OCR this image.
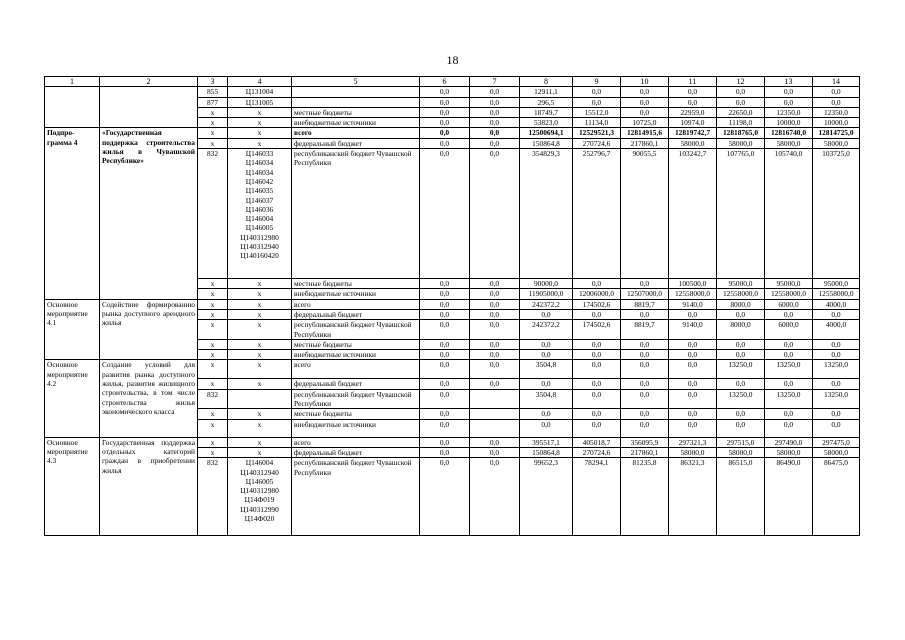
18
1	2	3	4	5	6	7	8	9	10	11	12	13	14
		855	Ц131004		0,0	0,0	12911,1	0,0	0,0	0,0	0,0	0,0	0,0
		877	Ц131005		0,0	0,0	296,5	0,0	0,0	0,0	0,0	0,0	0,0
		х	х	местные бюджеты	0,0	0,0	18749,7	15512,0	0,0	22959,0	22650,0	12350,0	12350,0
		х	х	внебюджетные источники	0,0	0,0	53823,0	11134,0	10725,0	10974,0	11198,0	10000,0	10000,0
Подпро-грамма 4	«Государственная поддержка строительства жилья в Чувашской Республике»	х	х	всего	0,0	0,0	12500694,1	12529521,3	12814915,6	12819742,7	12818765,0	12816740,0	12814725,0
		х	х	федеральный бюджет	0,0	0,0	150864,8	270724,6	217860,1	58000,0	58000,0	58000,0	58000,0
		832	Ц146033 Ц146034 Ц146034 Ц146042 Ц146035 Ц146037 Ц146036 Ц146004 Ц146005 Ц140312980 Ц140312940 Ц140160420	республиканский бюджет Чувашской Республики	0,0	0,0	354829,3	252796,7	90055,5	103242,7	107765,0	105740,0	103725,0
		х	х	местные бюджеты	0,0	0,0	90000,0	0,0	0,0	100500,0	95000,0	95000,0	95000,0
		х	х	внебюджетные источники	0,0	0,0	11905000,0	12006000,0	12507000,0	12558000,0	12558000,0	12558000,0	12558000,0
Основное мероприятие 4.1	Содействие формированию рынка доступного арендного жилья	х	х	всего	0,0	0,0	242372,2	174502,6	8819,7	9140,0	8000,0	6000,0	4000,0
		х	х	федеральный бюджет	0,0	0,0	0,0	0,0	0,0	0,0	0,0	0,0	0,0
		х	х	республиканский бюджет Чувашской Республики	0,0	0,0	242372,2	174502,6	8819,7	9140,0	8000,0	6000,0	4000,0
		х	х	местные бюджеты	0,0	0,0	0,0	0,0	0,0	0,0	0,0	0,0	0,0
		х	х	внебюджетные источники	0,0	0,0	0,0	0,0	0,0	0,0	0,0	0,0	0,0
Основное мероприятие 4.2	Создание условий для развития рынка доступного жилья, развития жилищного строительства, в том числе строительства жилья экономического класса	х	х	всего	0,0	0,0	3504,8	0,0	0,0	0,0	13250,0	13250,0	13250,0
		х	х	федеральный бюджет	0,0	0,0	0,0	0,0	0,0	0,0	0,0	0,0	0,0
		832		республиканский бюджет Чувашской Республики	0,0		3504,8	0,0	0,0	0,0	13250,0	13250,0	13250,0
		х	х	местные бюджеты	0,0		0,0	0,0	0,0	0,0	0,0	0,0	0,0
		х	х	внебюджетные источники	0,0		0,0	0,0	0,0	0,0	0,0	0,0	0,0
Основное мероприятие 4.3	Государственная поддержка отдельных категорий граждан в приобретении жилья	х	х	всего	0,0	0,0	395517,1	405018,7	356095,9	297321,3	297515,0	297490,0	297475,0
		х	х	федеральный бюджет	0,0	0,0	150864,8	270724,6	217860,1	58000,0	58000,0	58000,0	58000,0
		832	Ц146004 Ц140312940 Ц146005 Ц140312980 Ц14Ф019 Ц140312990 Ц14Ф020	республиканский бюджет Чувашской Республики	0,0	0,0	99652,3	78294,1	81235,8	86321,3	86515,0	86490,0	86475,0
